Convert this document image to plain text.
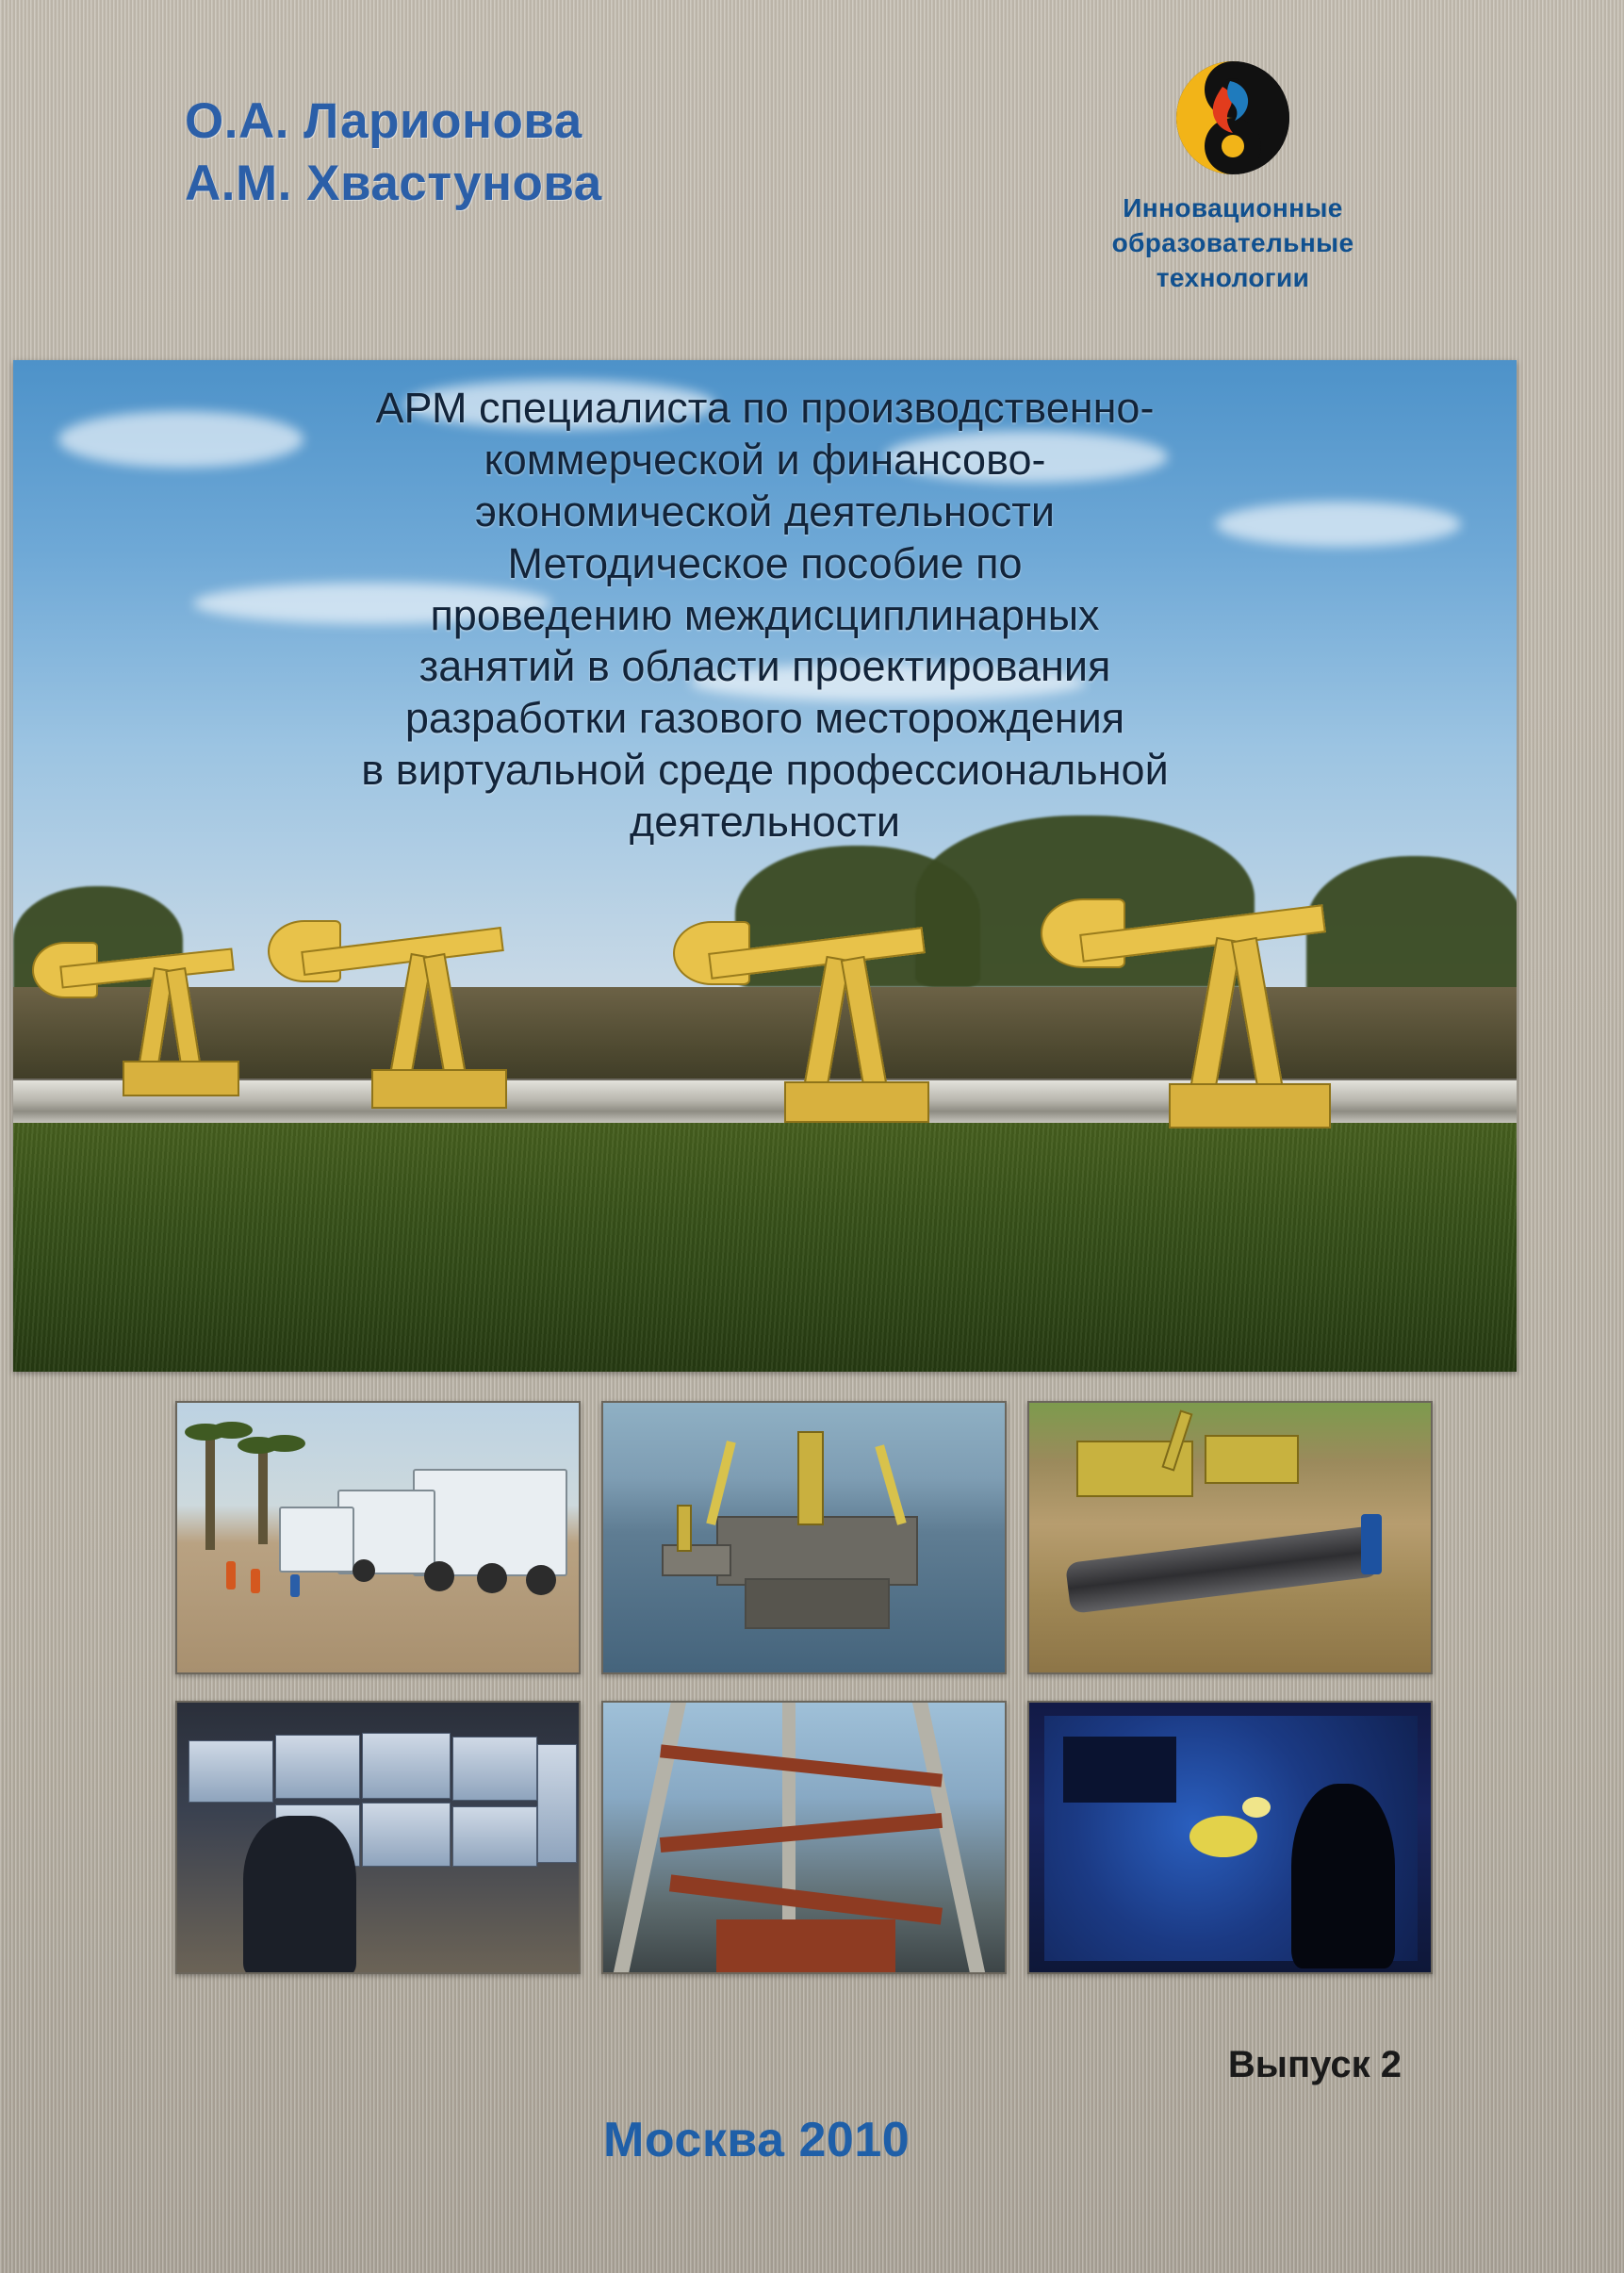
О.А. Ларионова
А.М. Хвастунова	Инновационные
образовательные
технологии
АРМ специалиста по производственно-
коммерческой и финансово-
экономической деятельности
Методическое пособие по
проведению междисциплинарных
занятий в области проектирования
разработки газового месторождения
в виртуальной среде профессиональной
деятельности
Выпуск 2
Москва 2010
